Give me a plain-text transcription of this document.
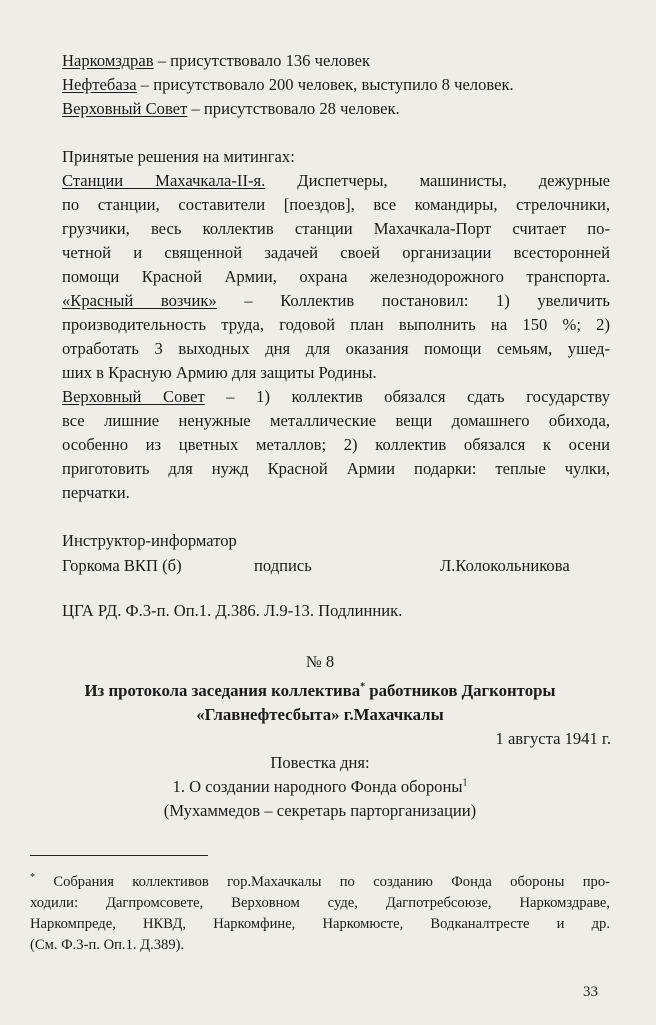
Наркомздрав – присутствовало 136 человек
Нефтебаза – присутствовало 200 человек, выступило 8 человек.
Верховный Совет – присутствовало 28 человек.
Принятые решения на митингах:
Станции Махачкала-II-я. Диспетчеры, машинисты, дежурные
по станции, составители [поездов], все командиры, стрелочники,
грузчики, весь коллектив станции Махачкала-Порт считает по-
четной и священной задачей своей организации всесторонней
помощи Красной Армии, охрана железнодорожного транспорта.
«Красный возчик» – Коллектив постановил: 1) увеличить
производительность труда, годовой план выполнить на 150 %; 2)
отработать 3 выходных дня для оказания помощи семьям, ушед-
ших в Красную Армию для защиты Родины.
Верховный Совет – 1) коллектив обязался сдать государству
все лишние ненужные металлические вещи домашнего обихода,
особенно из цветных металлов; 2) коллектив обязался к осени
приготовить для нужд Красной Армии подарки: теплые чулки,
перчатки.
Инструктор-информатор
Горкома ВКП (б)	подпись	Л.Колокольникова
ЦГА РД. Ф.3-п. Оп.1. Д.386. Л.9-13. Подлинник.
№ 8
Из протокола заседания коллектива* работников Дагконторы
«Главнефтесбыта» г.Махачкалы
1 августа 1941 г.
Повестка дня:
1. О создании народного Фонда обороны$^1$
(Мухаммедов – секретарь парторганизации)
* Собрания коллективов гор.Махачкалы по созданию Фонда обороны про-
ходили: Дагпромсовете, Верховном суде, Дагпотребсоюзе, Наркомздраве,
Наркомпреде, НКВД, Наркомфине, Наркомюсте, Водканалтресте и др.
(См. Ф.3-п. Оп.1. Д.389).
33
